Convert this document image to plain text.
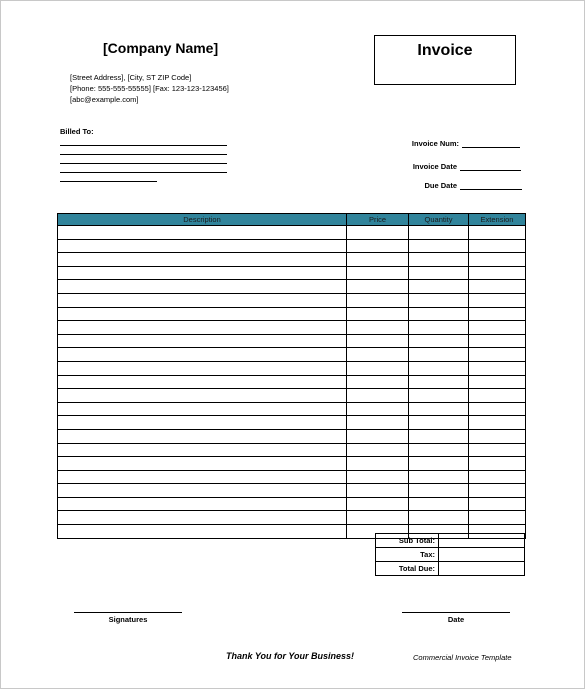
[Company Name]
[Street Address], [City, ST ZIP Code]
[Phone: 555-555-55555] [Fax: 123-123-123456]
[abc@example.com]
Invoice
Billed To:
Invoice Num:
Invoice Date
Due Date
Description	Price	Quantity	Extension

Sub Total:	
Tax:	
Total Due:	
Signatures	Date
Thank You for Your Business!	Commercial Invoice Template
